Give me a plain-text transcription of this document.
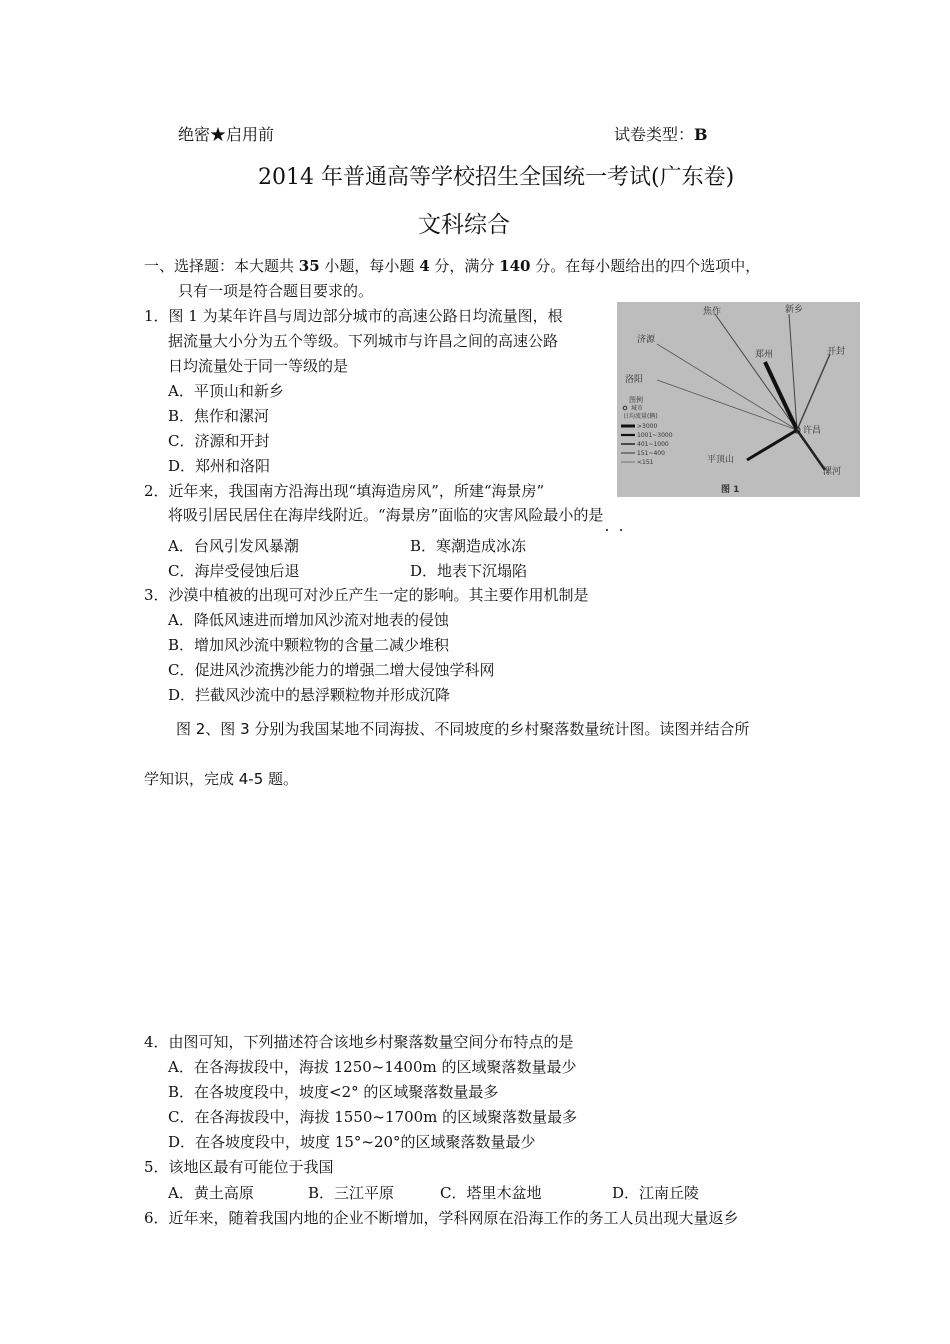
绝密★启用前	试卷类型：B
2014 年普通高等学校招生全国统一考试(广东卷)
文科综合
一、选择题：本大题共 35 小题，每小题 4 分，满分 140 分。在每小题给出的四个选项中，
只有一项是符合题目要求的。
1．图 1 为某年许昌与周边部分城市的高速公路日均流量图，根
据流量大小分为五个等级。下列城市与许昌之间的高速公路
日均流量处于同一等级的是
A．平顶山和新乡
B．焦作和漯河
C．济源和开封
D．郑州和洛阳
焦作	新乡
济源
郑州	开封
洛阳
许昌
平顶山
漯河
图例
城市
日均流量(辆)
>3000
1001~3000
401~1000
151~400
<151
图 1
2．近年来，我国南方沿海出现“填海造房风”，所建“海景房”
将吸引居民居住在海岸线附近。“海景房”面临的灾害风险最小的是
A．台风引发风暴潮	B．寒潮造成冰冻
C．海岸受侵蚀后退	D．地表下沉塌陷
3．沙漠中植被的出现可对沙丘产生一定的影响。其主要作用机制是
A．降低风速进而增加风沙流对地表的侵蚀
B．增加风沙流中颗粒物的含量二减少堆积
C．促进风沙流携沙能力的增强二增大侵蚀学科网
D．拦截风沙流中的悬浮颗粒物并形成沉降
图 2、图 3 分别为我国某地不同海拔、不同坡度的乡村聚落数量统计图。读图并结合所
学知识，完成 4-5 题。
4．由图可知，下列描述符合该地乡村聚落数量空间分布特点的是
A．在各海拔段中，海拔 1250~1400m 的区域聚落数量最少
B．在各坡度段中，坡度<2° 的区域聚落数量最多
C．在各海拔段中，海拔 1550~1700m 的区域聚落数量最多
D．在各坡度段中，坡度 15°~20°的区域聚落数量最少
5．该地区最有可能位于我国
A．黄土高原	B．三江平原	C．塔里木盆地	D．江南丘陵
6．近年来，随着我国内地的企业不断增加，学科网原在沿海工作的务工人员出现大量返乡
